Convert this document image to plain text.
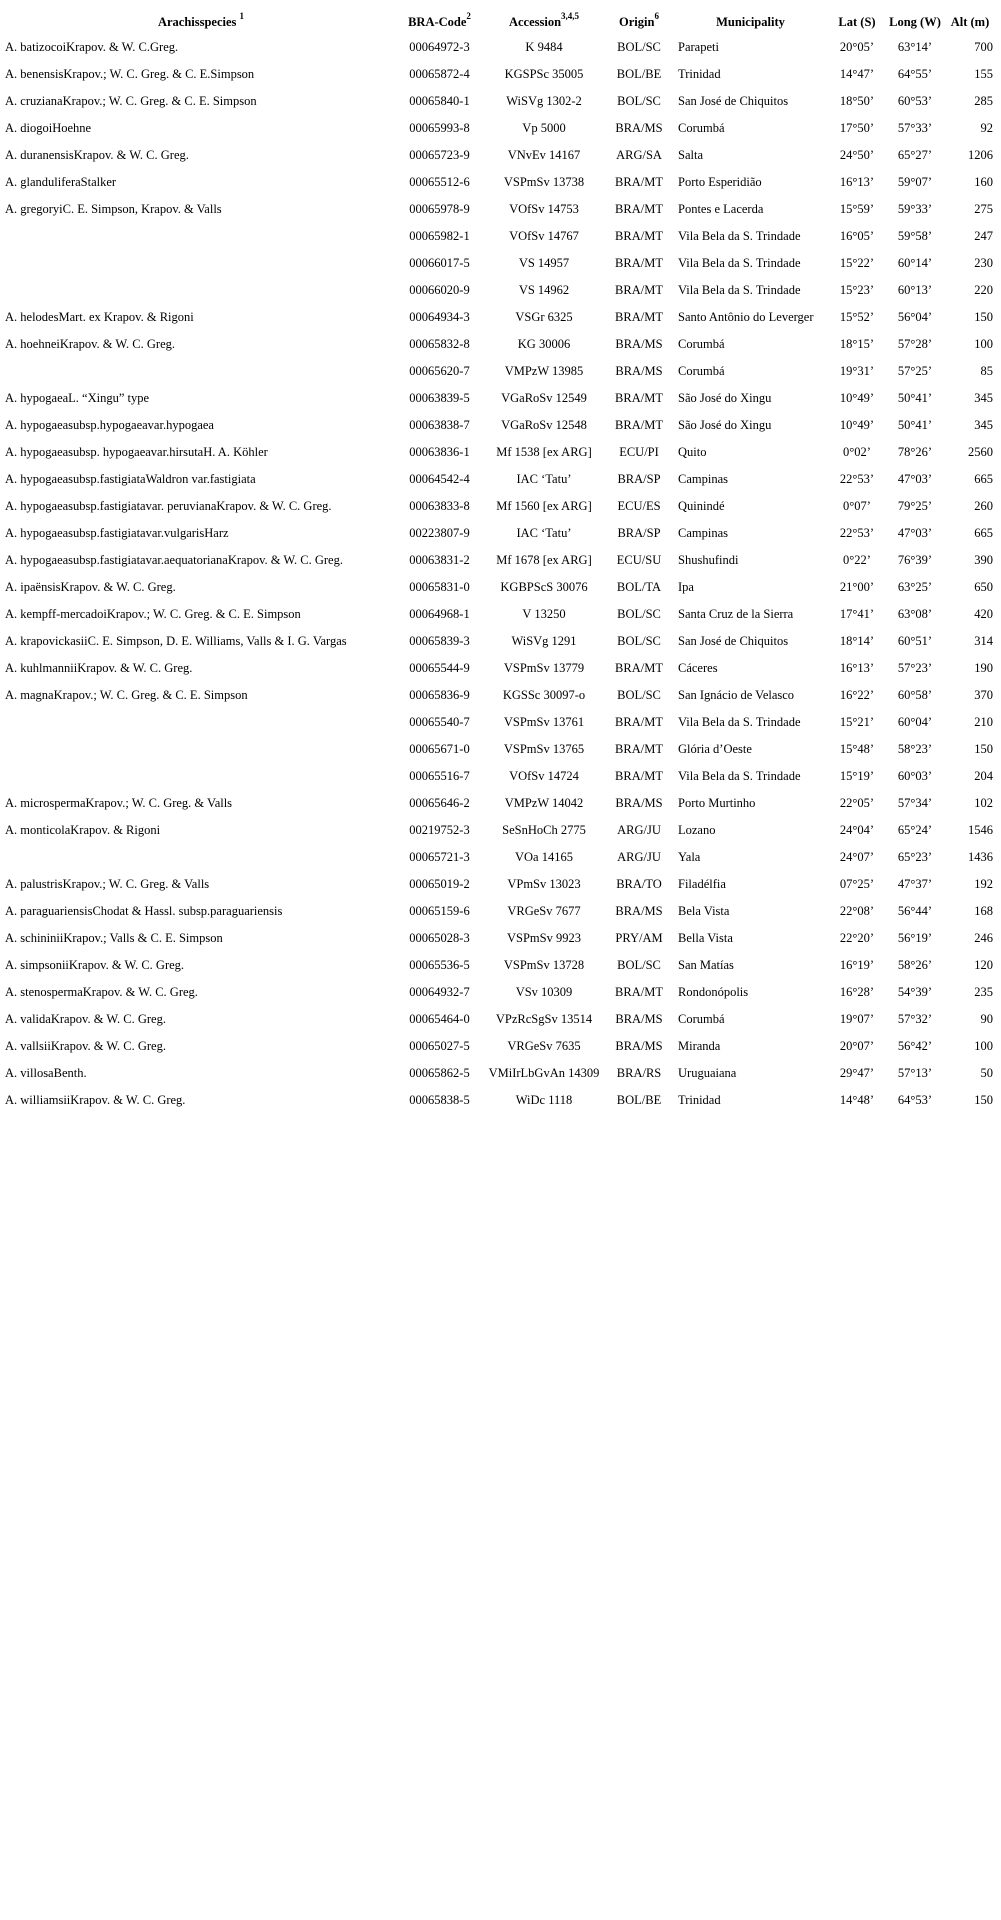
Arachisspecies $^1$	BRA-Code$^2$	Accession$^{3,4,5}$	Origin$^6$	Municipality	Lat (S)	Long (W)	Alt (m)
A. batizocoiKrapov. & W. C.Greg.	00064972-3	K 9484	BOL/SC	Parapeti	20°05’	63°14’	700
A. benensisKrapov.; W. C. Greg. & C. E.Simpson	00065872-4	KGSPSc 35005	BOL/BE	Trinidad	14°47’	64°55’	155
A. cruzianaKrapov.; W. C. Greg. & C. E. Simpson	00065840-1	WiSVg 1302-2	BOL/SC	San José de Chiquitos	18°50’	60°53’	285
A. diogoiHoehne	00065993-8	Vp 5000	BRA/MS	Corumbá	17°50’	57°33’	92
A. duranensisKrapov. & W. C. Greg.	00065723-9	VNvEv 14167	ARG/SA	Salta	24°50’	65°27’	1206
A. glanduliferaStalker	00065512-6	VSPmSv 13738	BRA/MT	Porto Esperidião	16°13’	59°07’	160
A. gregoryiC. E. Simpson, Krapov. & Valls	00065978-9	VOfSv 14753	BRA/MT	Pontes e Lacerda	15°59’	59°33’	275
	00065982-1	VOfSv 14767	BRA/MT	Vila Bela da S. Trindade	16°05’	59°58’	247
	00066017-5	VS 14957	BRA/MT	Vila Bela da S. Trindade	15°22’	60°14’	230
	00066020-9	VS 14962	BRA/MT	Vila Bela da S. Trindade	15°23’	60°13’	220
A. helodesMart. ex Krapov. & Rigoni	00064934-3	VSGr 6325	BRA/MT	Santo Antônio do Leverger	15°52’	56°04’	150
A. hoehneiKrapov. & W. C. Greg.	00065832-8	KG 30006	BRA/MS	Corumbá	18°15’	57°28’	100
	00065620-7	VMPzW 13985	BRA/MS	Corumbá	19°31’	57°25’	85
A. hypogaeaL. “Xingu” type	00063839-5	VGaRoSv 12549	BRA/MT	São José do Xingu	10°49’	50°41’	345
A. hypogaeasubsp.hypogaeavar.hypogaea	00063838-7	VGaRoSv 12548	BRA/MT	São José do Xingu	10°49’	50°41’	345
A. hypogaeasubsp. hypogaeavar.hirsutaH. A. Köhler	00063836-1	Mf 1538 [ex ARG]	ECU/PI	Quito	0°02’	78°26’	2560
A. hypogaeasubsp.fastigiataWaldron var.fastigiata	00064542-4	IAC ‘Tatu’	BRA/SP	Campinas	22°53’	47°03’	665
A. hypogaeasubsp.fastigiatavar. peruvianaKrapov. & W. C. Greg.	00063833-8	Mf 1560 [ex ARG]	ECU/ES	Quinindé	0°07’	79°25’	260
A. hypogaeasubsp.fastigiatavar.vulgarisHarz	00223807-9	IAC ‘Tatu’	BRA/SP	Campinas	22°53’	47°03’	665
A. hypogaeasubsp.fastigiatavar.aequatorianaKrapov. & W. C. Greg.	00063831-2	Mf 1678 [ex ARG]	ECU/SU	Shushufindi	0°22’	76°39’	390
A. ipaënsisKrapov. & W. C. Greg.	00065831-0	KGBPScS 30076	BOL/TA	Ipa	21°00’	63°25’	650
A. kempff-mercadoiKrapov.; W. C. Greg. & C. E. Simpson	00064968-1	V 13250	BOL/SC	Santa Cruz de la Sierra	17°41’	63°08’	420
A. krapovickasiiC. E. Simpson, D. E. Williams, Valls & I. G. Vargas	00065839-3	WiSVg 1291	BOL/SC	San José de Chiquitos	18°14’	60°51’	314
A. kuhlmanniiKrapov. & W. C. Greg.	00065544-9	VSPmSv 13779	BRA/MT	Cáceres	16°13’	57°23’	190
A. magnaKrapov.; W. C. Greg. & C. E. Simpson	00065836-9	KGSSc 30097-o	BOL/SC	San Ignácio de Velasco	16°22’	60°58’	370
	00065540-7	VSPmSv 13761	BRA/MT	Vila Bela da S. Trindade	15°21’	60°04’	210
	00065671-0	VSPmSv 13765	BRA/MT	Glória d’Oeste	15°48’	58°23’	150
	00065516-7	VOfSv 14724	BRA/MT	Vila Bela da S. Trindade	15°19’	60°03’	204
A. microspermaKrapov.; W. C. Greg. & Valls	00065646-2	VMPzW 14042	BRA/MS	Porto Murtinho	22°05’	57°34’	102
A. monticolaKrapov. & Rigoni	00219752-3	SeSnHoCh 2775	ARG/JU	Lozano	24°04’	65°24’	1546
	00065721-3	VOa 14165	ARG/JU	Yala	24°07’	65°23’	1436
A. palustrisKrapov.; W. C. Greg. & Valls	00065019-2	VPmSv 13023	BRA/TO	Filadélfia	07°25’	47°37’	192
A. paraguariensisChodat & Hassl. subsp.paraguariensis	00065159-6	VRGeSv 7677	BRA/MS	Bela Vista	22°08’	56°44’	168
A. schininiiKrapov.; Valls & C. E. Simpson	00065028-3	VSPmSv 9923	PRY/AM	Bella Vista	22°20’	56°19’	246
A. simpsoniiKrapov. & W. C. Greg.	00065536-5	VSPmSv 13728	BOL/SC	San Matías	16°19’	58°26’	120
A. stenospermaKrapov. & W. C. Greg.	00064932-7	VSv 10309	BRA/MT	Rondonópolis	16°28’	54°39’	235
A. validaKrapov. & W. C. Greg.	00065464-0	VPzRcSgSv 13514	BRA/MS	Corumbá	19°07’	57°32’	90
A. vallsiiKrapov. & W. C. Greg.	00065027-5	VRGeSv 7635	BRA/MS	Miranda	20°07’	56°42’	100
A. villosaBenth.	00065862-5	VMiIrLbGvAn 14309	BRA/RS	Uruguaiana	29°47’	57°13’	50
A. williamsiiKrapov. & W. C. Greg.	00065838-5	WiDc 1118	BOL/BE	Trinidad	14°48’	64°53’	150
